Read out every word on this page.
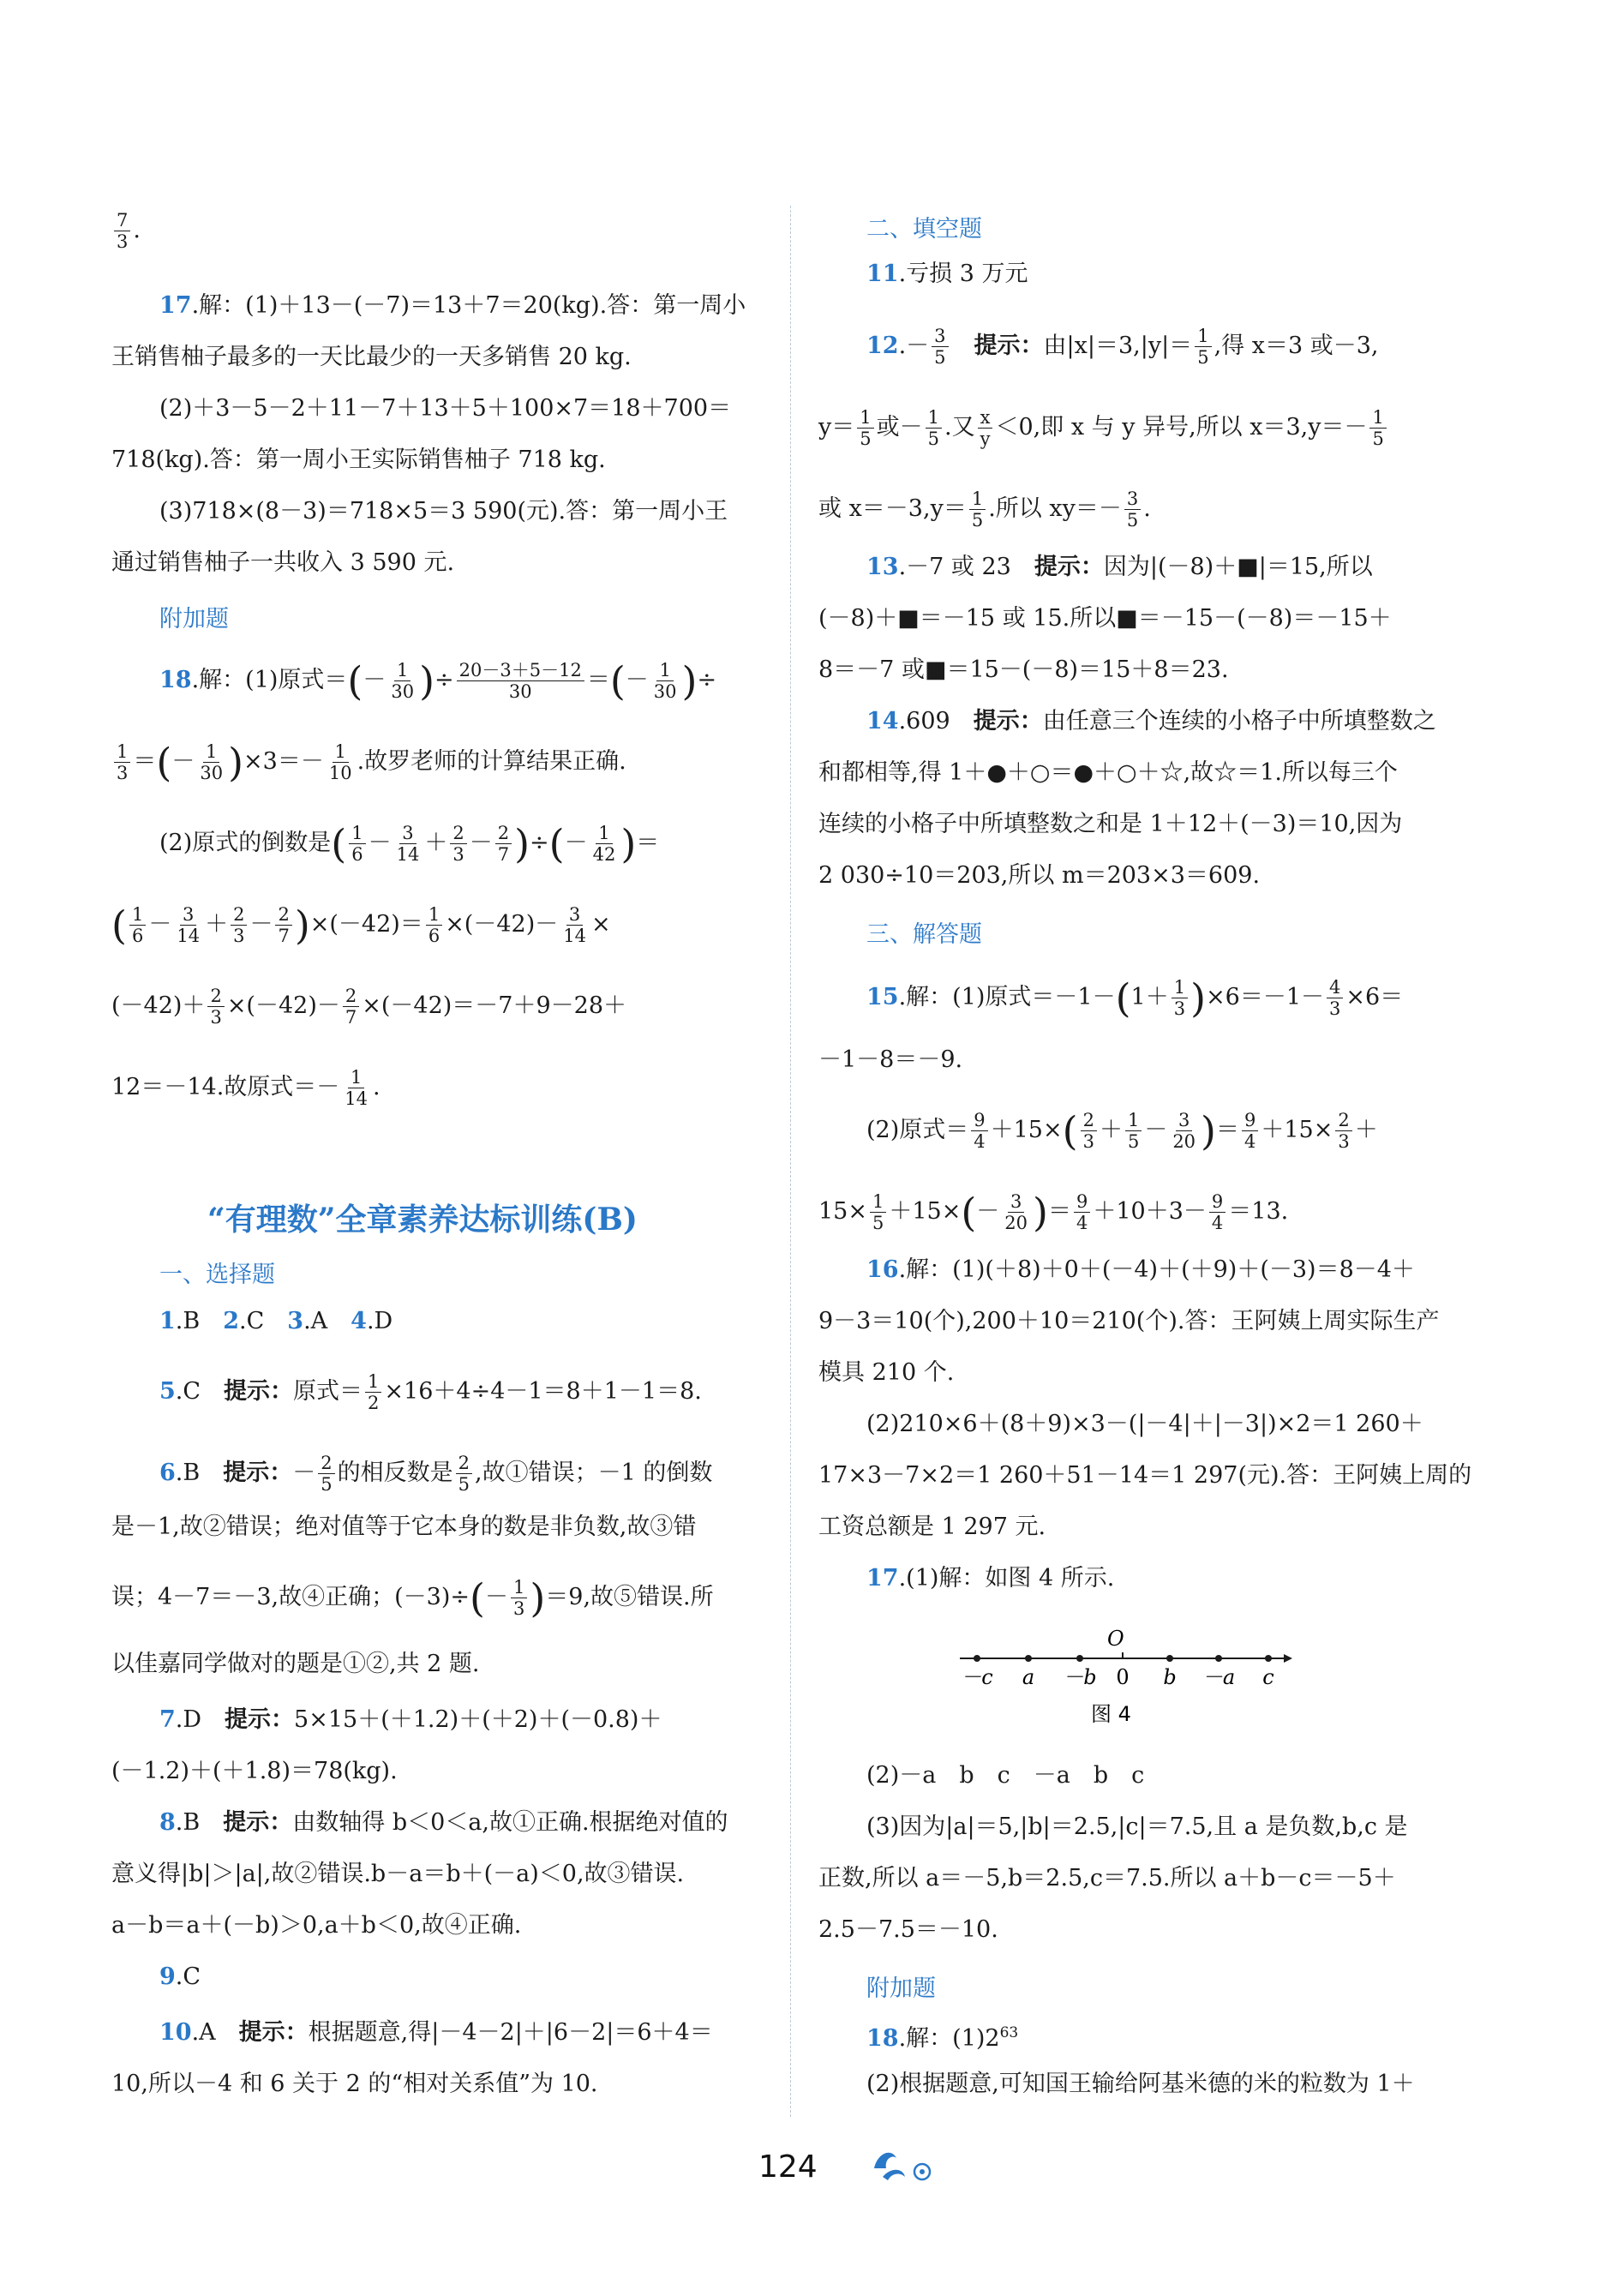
$\frac{7}{3}$ .
17.解：(1)＋13－(－7)＝13＋7＝20(kg).答：第一周小
王销售柚子最多的一天比最少的一天多销售 20 kg.
(2)＋3－5－2＋11－7＋13＋5＋100×7＝18＋700＝
718(kg).答：第一周小王实际销售柚子 718 kg.
(3)718×(8－3)＝718×5＝3 590(元).答：第一周小王
通过销售柚子一共收入 3 590 元.
附加题
18.解：(1)原式＝(－ $\frac{1}{30}$ )÷ $\frac{20-3+5-12}{30}$ ＝(－ $\frac{1}{30}$ )÷
$\frac{1}{3}$ ＝(－ $\frac{1}{30} )\times 3=- \frac{1}{10}$ .故罗老师的计算结果正确.
(2)原式的倒数是( $\frac{1}{6} - \frac{3}{14} + \frac{2}{3} - \frac{2}{7}$ )÷(－ $\frac{1}{42}$ )＝
( $\frac{1}{6} - \frac{3}{14} + \frac{2}{3} - \frac{2}{7} )\times(-42)= \frac{1}{6} \times(-42)- \frac{3}{14}$ ×
$(-42)+ \frac{2}{3} \times(-42)- \frac{2}{7} \times(-42)=-7+9-28+$
12＝－14.故原式＝－ $\frac{1}{14}$ .
“有理数”全章素养达标训练(B)
一、选择题
1.B　 2.C　 3.A　 4.D
5.C　 提示：原式＝ $\frac{1}{2} \times 16+4\div 4-1=8+1-1=8$.
6.B　 提示：－ $\frac{2}{5}$ 的相反数是 $\frac{2}{5}$ ,故①错误；－1 的倒数
是－1,故②错误；绝对值等于它本身的数是非负数,故③错
误；4－7＝－3,故④正确；$(-3)\div(- \frac{1}{3} )=9$,故⑤错误.所
以佳嘉同学做对的题是①②,共 2 题.
7.D　 提示：5×15＋(＋1.2)＋(＋2)＋(－0.8)＋
(－1.2)＋(＋1.8)＝78(kg).
8.B　 提示：由数轴得 b＜0＜a,故①正确.根据绝对值的
意义得|b|＞|a|,故②错误.b－a＝b＋(－a)＜0,故③错误.
a－b＝a＋(－b)＞0,a＋b＜0,故④正确.
9.C
10.A　 提示：根据题意,得|－4－2|＋|6－2|＝6＋4＝
10,所以－4 和 6 关于 2 的“相对关系值”为 10.
二、填空题
11.亏损 3 万元
$12.- \frac{3}{5}$
　 提示：由$|x|=3,|y|= \frac{1}{5}$ ,得 x＝3 或－3,
$y= \frac{1}{5}$ 或－ $\frac{1}{5}$ .又 $\frac{x}{y} <0$,即 x 与 y 异号,所以 $x=3,y=- \frac{1}{5}$
或 $x=-3,y= \frac{1}{5}$ .所以 $xy=- \frac{3}{5}$ .
13.－7 或 23　 提示：因为|(－8)＋■|＝15,所以
(－8)＋■＝－15 或 15.所以■＝－15－(－8)＝－15＋
8＝－7 或■＝15－(－8)＝15＋8＝23.
14.609　 提示：由任意三个连续的小格子中所填整数之
和都相等,得 1＋●＋○＝●＋○＋☆,故☆＝1.所以每三个
连续的小格子中所填整数之和是 1＋12＋(－3)＝10,因为
2 030÷10＝203,所以 m＝203×3＝609.
三、解答题
15.解：(1)原式$=-1-(1+ \frac{1}{3} )\times 6=-1- \frac{4}{3} \times 6=$
－1－8＝－9.
(2)原式＝ $\frac{9}{4} +15\times( \frac{2}{3} + \frac{1}{5} - \frac{3}{20}$ )＝ $\frac{9}{4} +15\times \frac{2}{3}$ ＋
$15\times \frac{1}{5} +15\times(- \frac{3}{20}$ )＝ $\frac{9}{4} +10+3- \frac{9}{4} =13$.
16.解：(1)(＋8)＋0＋(－4)＋(＋9)＋(－3)＝8－4＋
9－3＝10(个),200＋10＝210(个).答：王阿姨上周实际生产
模具 210 个.
(2)210×6＋(8＋9)×3－(|－4|＋|－3|)×2＝1 260＋
17×3－7×2＝1 260＋51－14＝1 297(元).答：王阿姨上周的
工资总额是 1 297 元.
17.(1)解：如图 4 所示.
O
－c a －b 0 b －a c
图 4
(2)－a　b　c　－a　b　c
(3)因为|a|＝5,|b|＝2.5,|c|＝7.5,且 a 是负数,b,c 是
正数,所以 a＝－5,b＝2.5,c＝7.5.所以 a＋b－c＝－5＋
2.5－7.5＝－10.
附加题
18.解：$(1)2^{63}$
(2)根据题意,可知国王输给阿基米德的米的粒数为 1＋
124
